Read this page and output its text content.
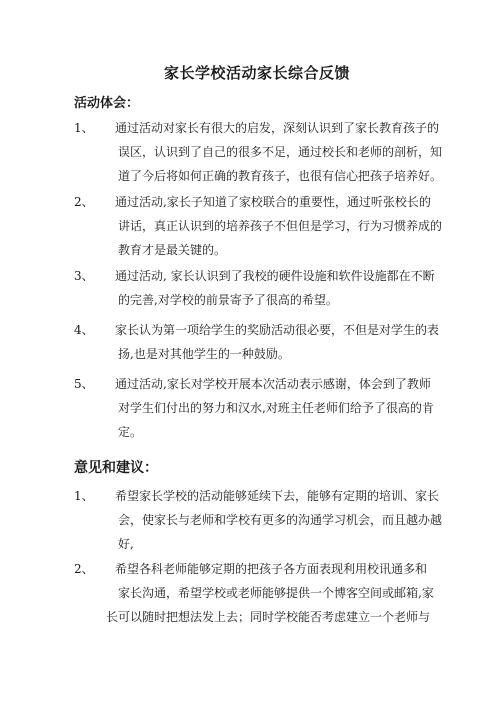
家长学校活动家长综合反馈
活动体会：
1、	通过活动对家长有很大的启发，深刻认识到了家长教育孩子的
误区，认识到了自己的很多不足，通过校长和老师的剖析，知
道了今后将如何正确的教育孩子，也很有信心把孩子培养好。
2、	通过活动,家长子知道了家校联合的重要性，通过听张校长的
讲话，真正认识到的培养孩子不但但是学习，行为习惯养成的
教育才是最关键的。
3、	通过活动, 家长认识到了我校的硬件设施和软件设施都在不断
的完善,对学校的前景寄予了很高的希望。
4、	家长认为第一项给学生的奖励活动很必要，不但是对学生的表
扬,也是对其他学生的一种鼓励。
5、	通过活动,家长对学校开展本次活动表示感谢，体会到了教师
对学生们付出的努力和汉水,对班主任老师们给予了很高的肯
定。
意见和建议：
1、	希望家长学校的活动能够延续下去，能够有定期的培训、家长
会，使家长与老师和学校有更多的沟通学习机会，而且越办越
好,
2、	希望各科老师能够定期的把孩子各方面表现利用校讯通多和
家长沟通，希望学校或老师能够提供一个博客空间或邮箱,家
长可以随时把想法发上去；同时学校能否考虑建立一个老师与
